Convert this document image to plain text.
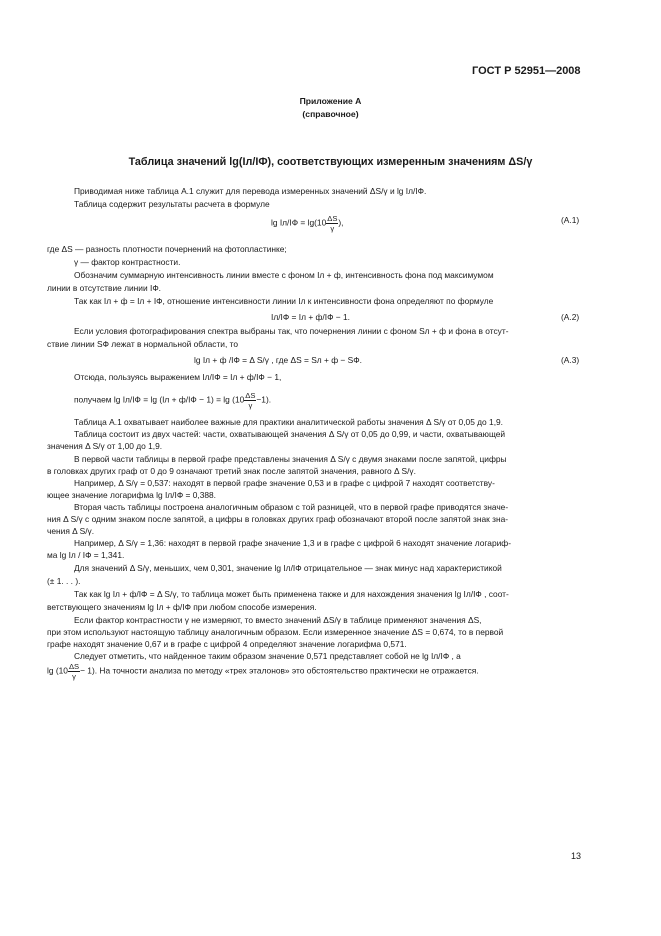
ГОСТ Р 52951—2008
Приложение А
(справочное)
Таблица значений lg(Iл/IФ), соответствующих измеренным значениям ΔS/γ
Приводимая ниже таблица А.1 служит для перевода измеренных значений ΔS/γ и lg Iл/IФ.
Таблица содержит результаты расчета в формуле
$\lg Iл/IФ = \lg(10 \frac{\Delta S}{\gamma}$ ),	(А.1)
где ΔS — разность плотности почернений на фотопластинке;
γ — фактор контрастности.
Обозначим суммарную интенсивность линии вместе с фоном Iл + ф, интенсивность фона под максимумом
линии в отсутствие линии IФ.
Так как Iл + ф = Iл + IФ, отношение интенсивности линии Iл к интенсивности фона определяют по формуле
Iл/IФ = Iл + ф/IФ − 1.	(А.2)
Если условия фотографирования спектра выбраны так, что почернения линии с фоном Sл + ф и фона в отсут-
ствие линии SФ лежат в нормальной области, то
lg Iл + ф /IФ = Δ S/γ , где ΔS = Sл + ф − SФ.	(А.3)
Отсюда, пользуясь выражением Iл/IФ = Iл + ф/IФ − 1,
получаем $\lg Iл/IФ = \lg (Iл + ф/IФ - 1) = \lg (10 \frac{\Delta S}{\gamma} -1)$.
Таблица А.1 охватывает наиболее важные для практики аналитической работы значения Δ S/γ от 0,05 до 1,9.
Таблица состоит из двух частей: части, охватывающей значения Δ S/γ от 0,05 до 0,99, и части, охватывающей
значения Δ S/γ от 1,00 до 1,9.
В первой части таблицы в первой графе представлены значения Δ S/γ с двумя знаками после запятой, цифры
в головках других граф от 0 до 9 означают третий знак после запятой значения, равного Δ S/γ.
Например, Δ S/γ = 0,537: находят в первой графе значение 0,53 и в графе с цифрой 7 находят соответству-
ющее значение логарифма lg Iл/IФ = 0,388.
Вторая часть таблицы построена аналогичным образом с той разницей, что в первой графе приводятся значе-
ния Δ S/γ с одним знаком после запятой, а цифры в головках других граф обозначают второй после запятой знак зна-
чения Δ S/γ.
Например, Δ S/γ = 1,36: находят в первой графе значение 1,3 и в графе с цифрой 6 находят значение логариф-
ма lg Iл / IФ = 1,341.
Для значений Δ S/γ, меньших, чем 0,301, значение lg Iл/IФ отрицательное — знак минус над характеристикой
(± 1. . . ).
Так как lg Iл + ф/IФ = Δ S/γ, то таблица может быть применена также и для нахождения значения lg Iл/IФ , соот-
ветствующего значениям lg Iл + ф/IФ при любом способе измерения.
Если фактор контрастности γ не измеряют, то вместо значений ΔS/γ в таблице применяют значения ΔS,
при этом используют настоящую таблицу аналогичным образом. Если измеренное значение ΔS = 0,674, то в первой
графе находят значение 0,67 и в графе с цифрой 4 определяют значение логарифма 0,571.
Следует отметить, что найденное таким образом значение 0,571 представляет собой не lg Iл/IФ , а
$\lg (10 \frac{\Delta S}{\gamma} - 1)$. На точности анализа по методу «трех эталонов» это обстоятельство практически не отражается.
13
